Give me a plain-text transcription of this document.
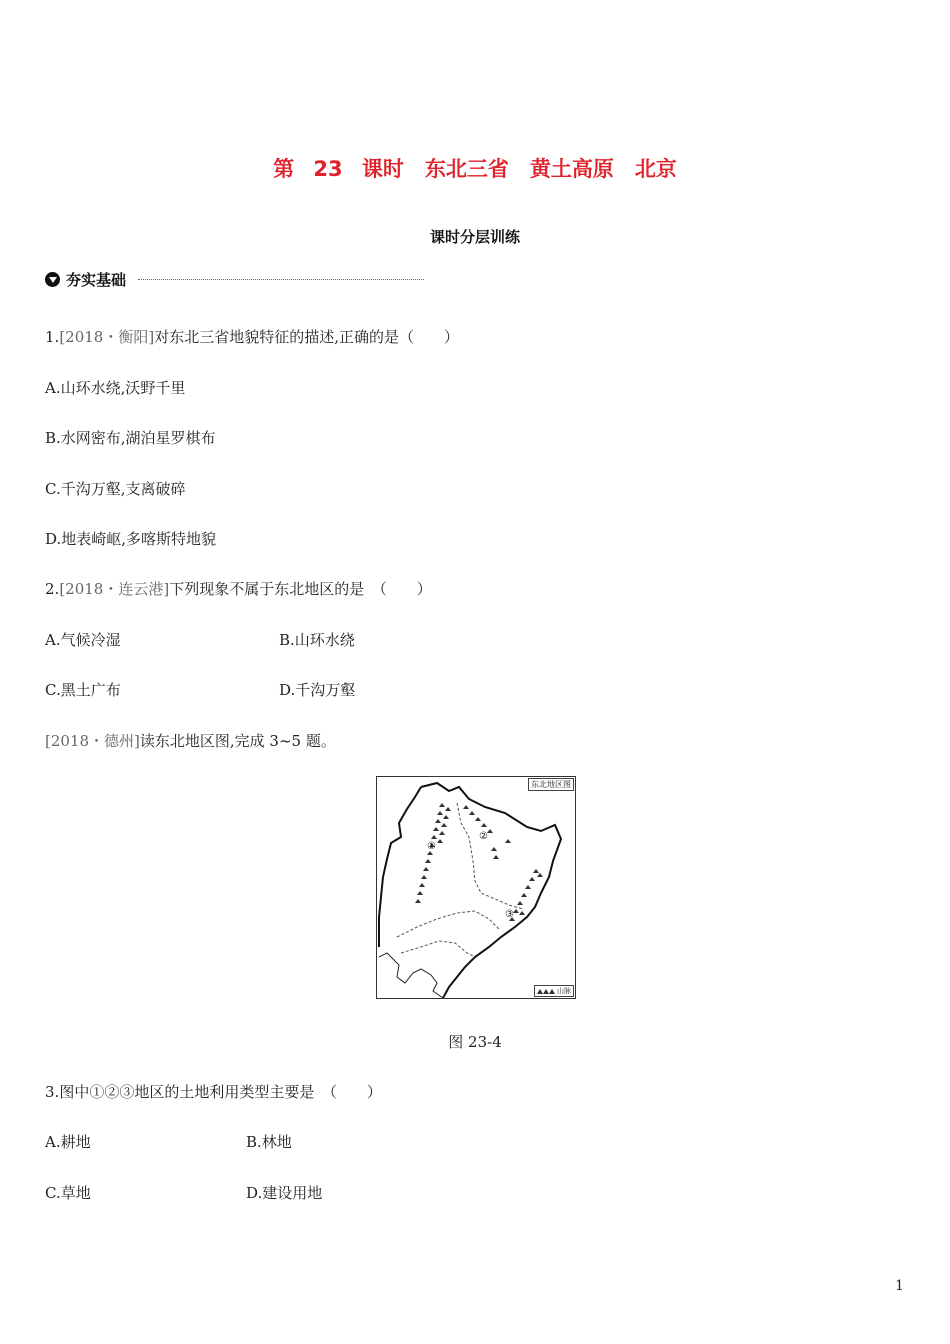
第 23 课时　东北三省　黄土高原　北京
课时分层训练
夯实基础
1.[2018・衡阳]对东北三省地貌特征的描述,正确的是（　　）
A.山环水绕,沃野千里
B.水网密布,湖泊星罗棋布
C.千沟万壑,支离破碎
D.地表崎岖,多喀斯特地貌
2.[2018・连云港]下列现象不属于东北地区的是　（　　）
A.气候冷湿	B.山环水绕
C.黑土广布	D.千沟万壑
[2018・德州]读东北地区图,完成 3~5 题。
①
②
③
东北地区图
山脉
图 23-4
3.图中①②③地区的土地利用类型主要是　（　　）
A.耕地	B.林地
C.草地	D.建设用地
1
